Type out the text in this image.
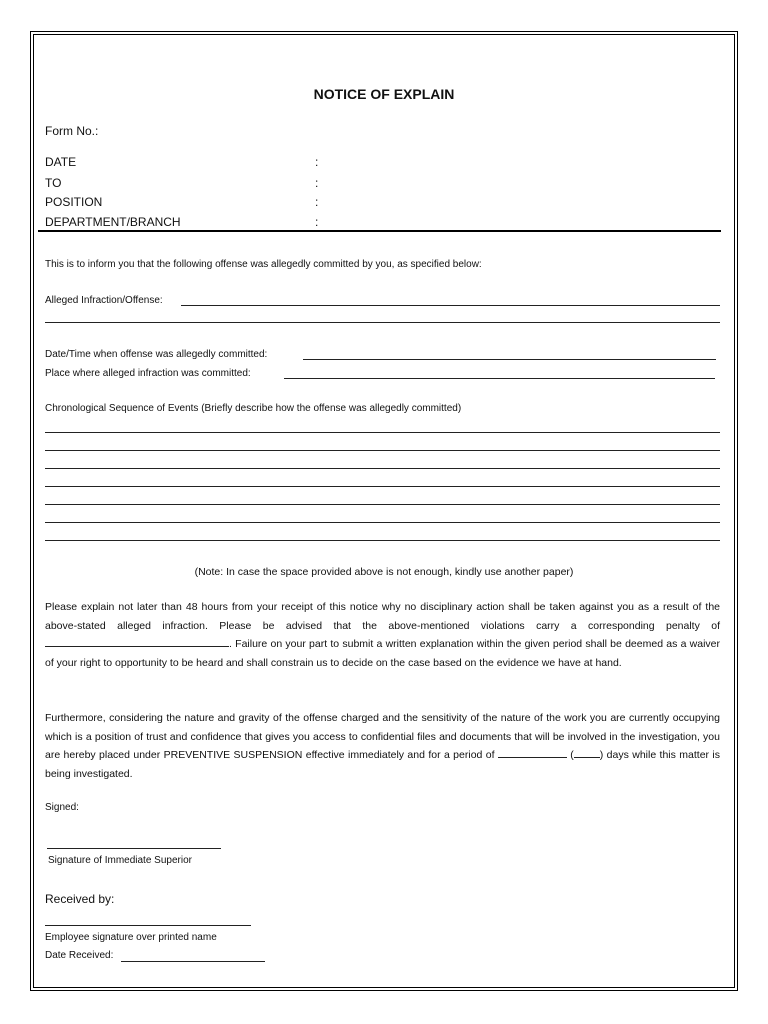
NOTICE OF EXPLAIN
Form No.:
DATE	:
TO	:
POSITION	:
DEPARTMENT/BRANCH	:
This is to inform you that the following offense was allegedly committed by you, as specified below:
Alleged Infraction/Offense:
Date/Time when offense was allegedly committed:
Place where alleged infraction was committed:
Chronological Sequence of Events (Briefly describe how the offense was allegedly committed)
(Note: In case the space provided above is not enough, kindly use another paper)
Please explain not later than 48 hours from your receipt of this notice why no disciplinary action shall be taken against you as a result of the above-stated alleged infraction. Please be advised that the above-mentioned violations carry a corresponding penalty of . Failure on your part to submit a written explanation within the given period shall be deemed as a waiver of your right to opportunity to be heard and shall constrain us to decide on the case based on the evidence we have at hand.
Furthermore, considering the nature and gravity of the offense charged and the sensitivity of the nature of the work you are currently occupying which is a position of trust and confidence that gives you access to confidential files and documents that will be involved in the investigation, you are hereby placed under PREVENTIVE SUSPENSION effective immediately and for a period of	( ) days while this matter is being investigated.
Signed:
Signature of Immediate Superior
Received by:
Employee signature over printed name
Date Received:
